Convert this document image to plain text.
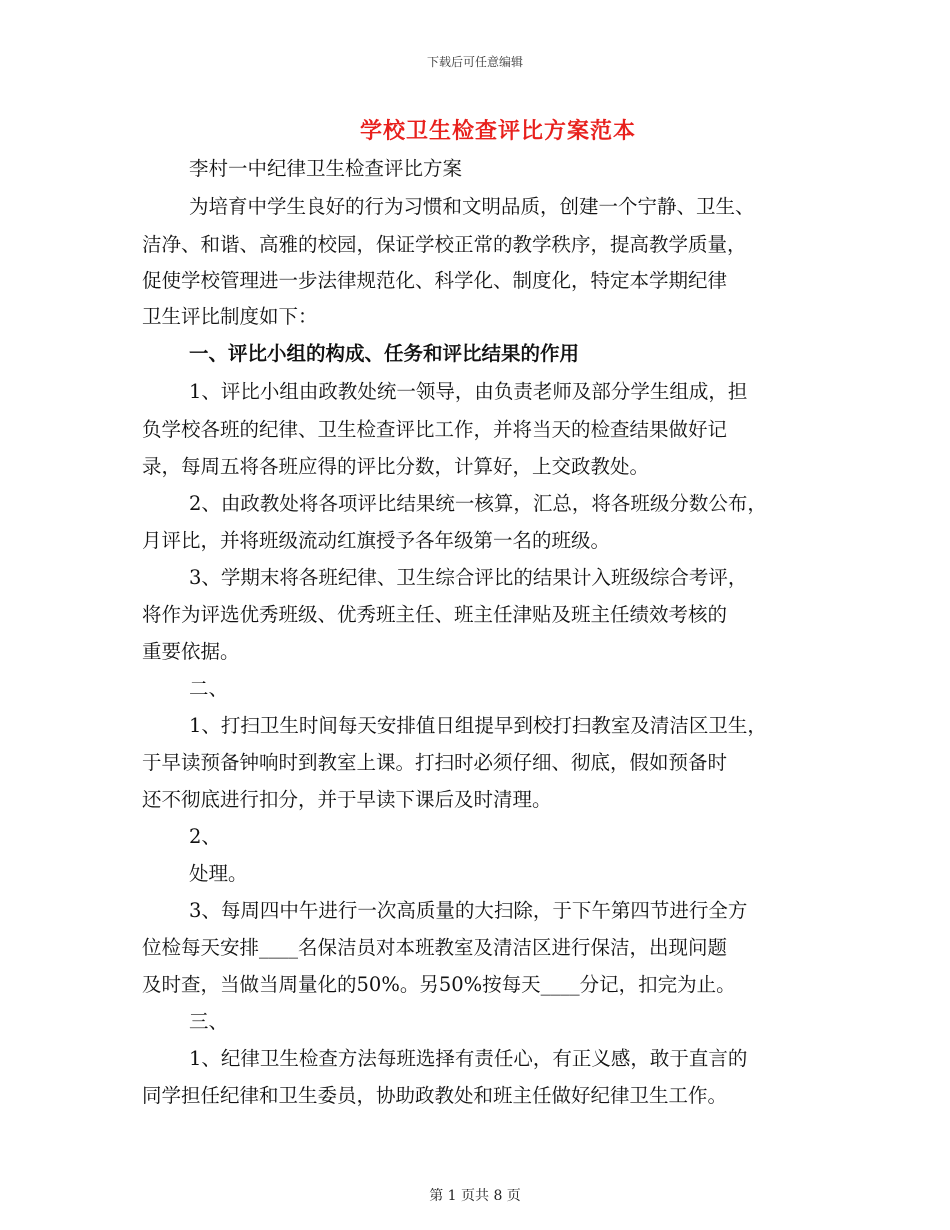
下载后可任意编辑
学校卫生检查评比方案范本
李村一中纪律卫生检查评比方案
为培育中学生良好的行为习惯和文明品质，创建一个宁静、卫生、
洁净、和谐、高雅的校园，保证学校正常的教学秩序，提高教学质量，
促使学校管理进一步法律规范化、科学化、制度化，特定本学期纪律
卫生评比制度如下：
一、评比小组的构成、任务和评比结果的作用
1、评比小组由政教处统一领导，由负责老师及部分学生组成，担
负学校各班的纪律、卫生检查评比工作，并将当天的检查结果做好记
录，每周五将各班应得的评比分数，计算好，上交政教处。
2、由政教处将各项评比结果统一核算，汇总，将各班级分数公布，
月评比，并将班级流动红旗授予各年级第一名的班级。
3、学期末将各班纪律、卫生综合评比的结果计入班级综合考评，
将作为评选优秀班级、优秀班主任、班主任津贴及班主任绩效考核的
重要依据。
二、
1、打扫卫生时间每天安排值日组提早到校打扫教室及清洁区卫生，
于早读预备钟响时到教室上课。打扫时必须仔细、彻底，假如预备时
还不彻底进行扣分，并于早读下课后及时清理。
2、
处理。
3、每周四中午进行一次高质量的大扫除，于下午第四节进行全方
位检每天安排____名保洁员对本班教室及清洁区进行保洁，出现问题
及时查，当做当周量化的50%。另50%按每天____分记，扣完为止。
三、
1、纪律卫生检查方法每班选择有责任心，有正义感，敢于直言的
同学担任纪律和卫生委员，协助政教处和班主任做好纪律卫生工作。
第 1 页共 8 页
